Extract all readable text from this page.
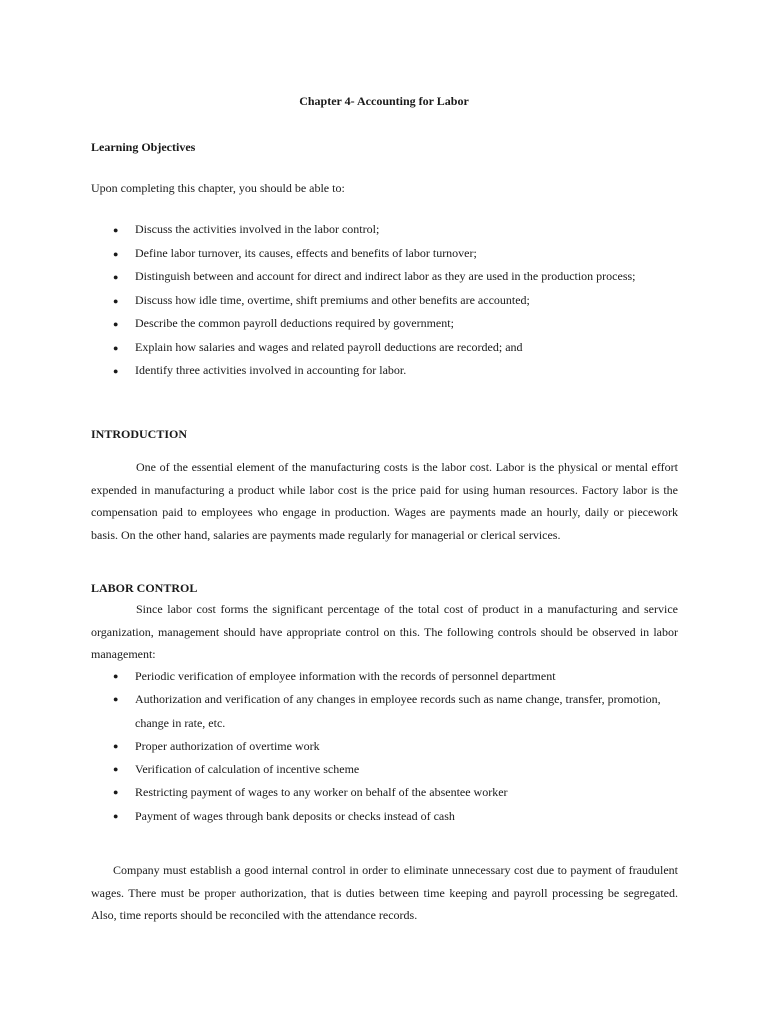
Chapter 4- Accounting for Labor
Learning Objectives
Upon completing this chapter, you should be able to:
● Discuss the activities involved in the labor control;
● Define labor turnover, its causes, effects and benefits of labor turnover;
● Distinguish between and account for direct and indirect labor as they are used in the production process;
● Discuss how idle time, overtime, shift premiums and other benefits are accounted;
● Describe the common payroll deductions required by government;
● Explain how salaries and wages and related payroll deductions are recorded; and
● Identify three activities involved in accounting for labor.
INTRODUCTION
One of the essential element of the manufacturing costs is the labor cost. Labor is the physical or mental effort expended in manufacturing a product while labor cost is the price paid for using human resources. Factory labor is the compensation paid to employees who engage in production. Wages are payments made an hourly, daily or piecework basis. On the other hand, salaries are payments made regularly for managerial or clerical services.
LABOR CONTROL
Since labor cost forms the significant percentage of the total cost of product in a manufacturing and service organization, management should have appropriate control on this. The following controls should be observed in labor management:
● Periodic verification of employee information with the records of personnel department
● Authorization and verification of any changes in employee records such as name change, transfer, promotion, change in rate, etc.
● Proper authorization of overtime work
● Verification of calculation of incentive scheme
● Restricting payment of wages to any worker on behalf of the absentee worker
● Payment of wages through bank deposits or checks instead of cash
Company must establish a good internal control in order to eliminate unnecessary cost due to payment of fraudulent wages. There must be proper authorization, that is duties between time keeping and payroll processing be segregated. Also, time reports should be reconciled with the attendance records.
